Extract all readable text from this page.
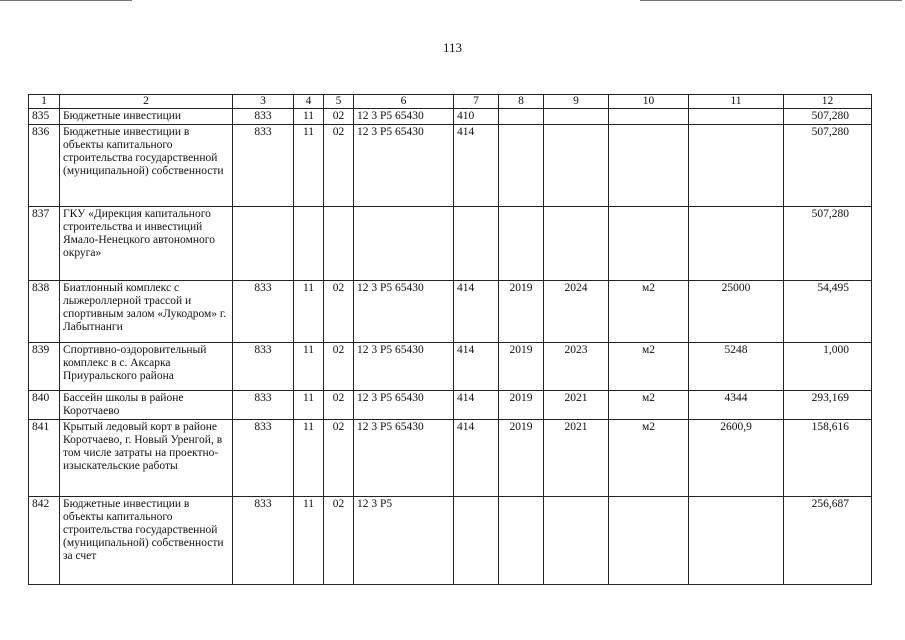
113
1	2	3	4	5	6	7	8	9	10	11	12
835	Бюджетные инвестиции	833	11	02	12 3 P5 65430	410					507,280
836	Бюджетные инвестиции в объекты капитального строительства государственной (муниципальной) собственности	833	11	02	12 3 P5 65430	414					507,280
837	ГКУ «Дирекция капитального строительства и инвестиций Ямало-Ненецкого автономного округа»										507,280
838	Биатлонный комплекс с лыжероллерной трассой и спортивным залом «Лукодром» г. Лабытнанги	833	11	02	12 3 P5 65430	414	2019	2024	м2	25000	54,495
839	Спортивно-оздоровительный комплекс в с. Аксарка Приуральского района	833	11	02	12 3 P5 65430	414	2019	2023	м2	5248	1,000
840	Бассейн школы в районе Коротчаево	833	11	02	12 3 P5 65430	414	2019	2021	м2	4344	293,169
841	Крытый ледовый корт в районе Коротчаево, г. Новый Уренгой, в том числе затраты на проектно-изыскательские работы	833	11	02	12 3 P5 65430	414	2019	2021	м2	2600,9	158,616
842	Бюджетные инвестиции в объекты капитального строительства государственной (муниципальной) собственности за счет	833	11	02	12 3 P5						256,687
